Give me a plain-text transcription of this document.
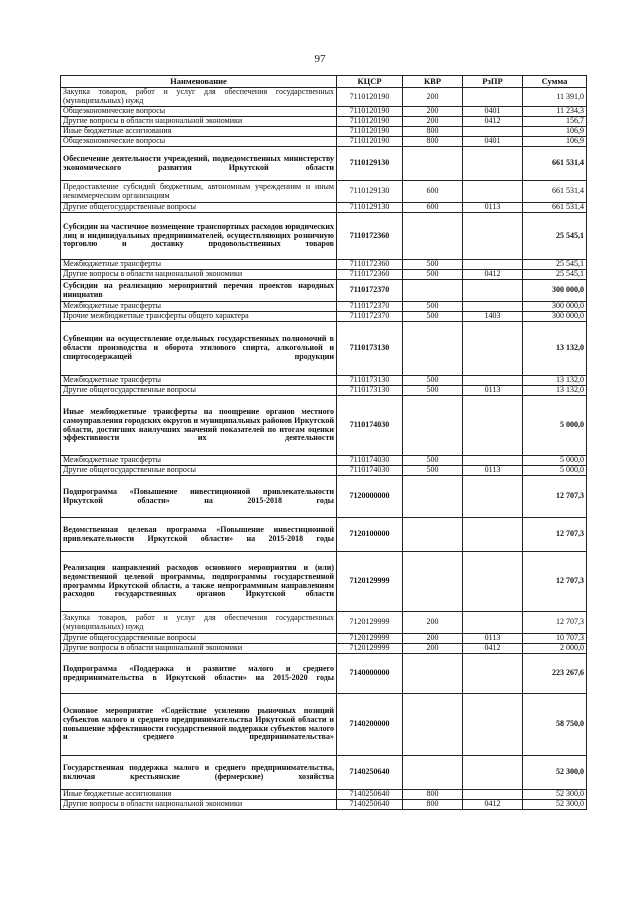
97
Наименование	КЦСР	КВР	РзПР	Сумма
Закупка товаров, работ и услуг для обеспечения государственных (муниципальных) нужд	7110120190	200		11 391,0
Общеэкономические вопросы	7110120190	200	0401	11 234,3
Другие вопросы в области национальной экономики	7110120190	200	0412	156,7
Иные бюджетные ассигнования	7110120190	800		106,9
Общеэкономические вопросы	7110120190	800	0401	106,9
Обеспечение деятельности учреждений, подведомственных министерству экономического развития Иркутской области	7110129130			661 531,4
Предоставление субсидий бюджетным, автономным учреждениям и иным некоммерческим организациям	7110129130	600		661 531,4
Другие общегосударственные вопросы	7110129130	600	0113	661 531,4
Субсидии на частичное возмещение транспортных расходов юридических лиц и индивидуальных предпринимателей, осуществляющих розничную торговлю и доставку продовольственных товаров	7110172360			25 545,1
Межбюджетные трансферты	7110172360	500		25 545,1
Другие вопросы в области национальной экономики	7110172360	500	0412	25 545,1
Субсидии на реализацию мероприятий перечня проектов народных инициатив	7110172370			300 000,0
Межбюджетные трансферты	7110172370	500		300 000,0
Прочие межбюджетные трансферты общего характера	7110172370	500	1403	300 000,0
Субвенции на осуществление отдельных государственных полномочий в области производства и оборота этилового спирта, алкогольной и спиртосодержащей продукции	7110173130			13 132,0
Межбюджетные трансферты	7110173130	500		13 132,0
Другие общегосударственные вопросы	7110173130	500	0113	13 132,0
Иные межбюджетные трансферты на поощрение органов местного самоуправления городских округов и муниципальных районов Иркутской области, достигших наилучших значений показателей по итогам оценки эффективности их деятельности	7110174030			5 000,0
Межбюджетные трансферты	7110174030	500		5 000,0
Другие общегосударственные вопросы	7110174030	500	0113	5 000,0
Подпрограмма «Повышение инвестиционной привлекательности Иркутской области» на 2015-2018 годы	7120000000			12 707,3
Ведомственная целевая программа «Повышение инвестиционной привлекательности Иркутской области» на 2015-2018 годы	7120100000			12 707,3
Реализация направлений расходов основного мероприятия и (или) ведомственной целевой программы, подпрограммы государственной программы Иркутской области, а также непрограммным направлениям расходов государственных органов Иркутской области	7120129999			12 707,3
Закупка товаров, работ и услуг для обеспечения государственных (муниципальных) нужд	7120129999	200		12 707,3
Другие общегосударственные вопросы	7120129999	200	0113	10 707,3
Другие вопросы в области национальной экономики	7120129999	200	0412	2 000,0
Подпрограмма «Поддержка и развитие малого и среднего предпринимательства в Иркутской области» на 2015-2020 годы	7140000000			223 267,6
Основное мероприятие «Содействие усилению рыночных позиций субъектов малого и среднего предпринимательства Иркутской области и повышение эффективности государственной поддержки субъектов малого и среднего предпринимательства»	7140200000			58 750,0
Государственная поддержка малого и среднего предпринимательства, включая крестьянские (фермерские) хозяйства	7140250640			52 300,0
Иные бюджетные ассигнования	7140250640	800		52 300,0
Другие вопросы в области национальной экономики	7140250640	800	0412	52 300,0
